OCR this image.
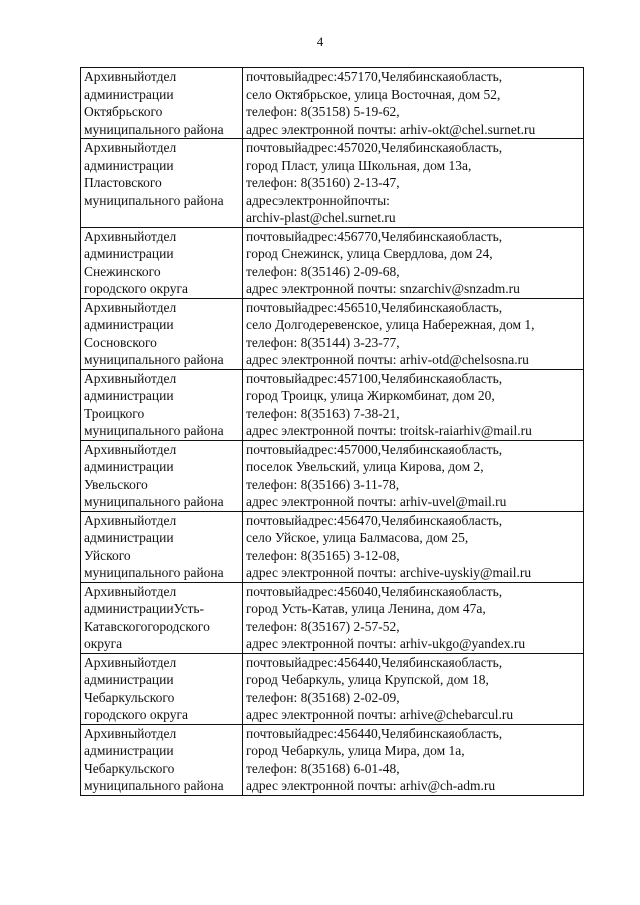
4
Архивныйотдел
администрации
Октябрьского
муниципального района	почтовыйадрес:457170,Челябинскаяобласть,
село Октябрьское, улица Восточная, дом 52,
телефон: 8(35158) 5-19-62,
адрес электронной почты: arhiv-okt@chel.surnet.ru

Архивныйотдел
администрации
Пластовского
муниципального района	почтовыйадрес:457020,Челябинскаяобласть,
город Пласт, улица Школьная, дом 13а,
телефон: 8(35160) 2-13-47,
адресэлектроннойпочты:
archiv-plast@chel.surnet.ru

Архивныйотдел
администрации
Снежинского
городского округа	почтовыйадрес:456770,Челябинскаяобласть,
город Снежинск, улица Свердлова, дом 24,
телефон: 8(35146) 2-09-68,
адрес электронной почты: snzarchiv@snzadm.ru

Архивныйотдел
администрации
Сосновского
муниципального района	почтовыйадрес:456510,Челябинскаяобласть,
село Долгодеревенское, улица Набережная, дом 1,
телефон: 8(35144) 3-23-77,
адрес электронной почты: arhiv-otd@chelsosna.ru

Архивныйотдел
администрации
Троицкого
муниципального района	почтовыйадрес:457100,Челябинскаяобласть,
город Троицк, улица Жиркомбинат, дом 20,
телефон: 8(35163) 7-38-21,
адрес электронной почты: troitsk-raiarhiv@mail.ru

Архивныйотдел
администрации
Увельского
муниципального района	почтовыйадрес:457000,Челябинскаяобласть,
поселок Увельский, улица Кирова, дом 2,
телефон: 8(35166) 3-11-78,
адрес электронной почты: arhiv-uvel@mail.ru

Архивныйотдел
администрации
Уйского
муниципального района	почтовыйадрес:456470,Челябинскаяобласть,
село Уйское, улица Балмасова, дом 25,
телефон: 8(35165) 3-12-08,
адрес электронной почты: archive-uyskiy@mail.ru

Архивныйотдел
администрацииУсть-
Катавскогогородского
округа	почтовыйадрес:456040,Челябинскаяобласть,
город Усть-Катав, улица Ленина, дом 47а,
телефон: 8(35167) 2-57-52,
адрес электронной почты: arhiv-ukgo@yandex.ru

Архивныйотдел
администрации
Чебаркульского
городского округа	почтовыйадрес:456440,Челябинскаяобласть,
город Чебаркуль, улица Крупской, дом 18,
телефон: 8(35168) 2-02-09,
адрес электронной почты: arhive@chebarcul.ru

Архивныйотдел
администрации
Чебаркульского
муниципального района	почтовыйадрес:456440,Челябинскаяобласть,
город Чебаркуль, улица Мира, дом 1а,
телефон: 8(35168) 6-01-48,
адрес электронной почты: arhiv@ch-adm.ru
